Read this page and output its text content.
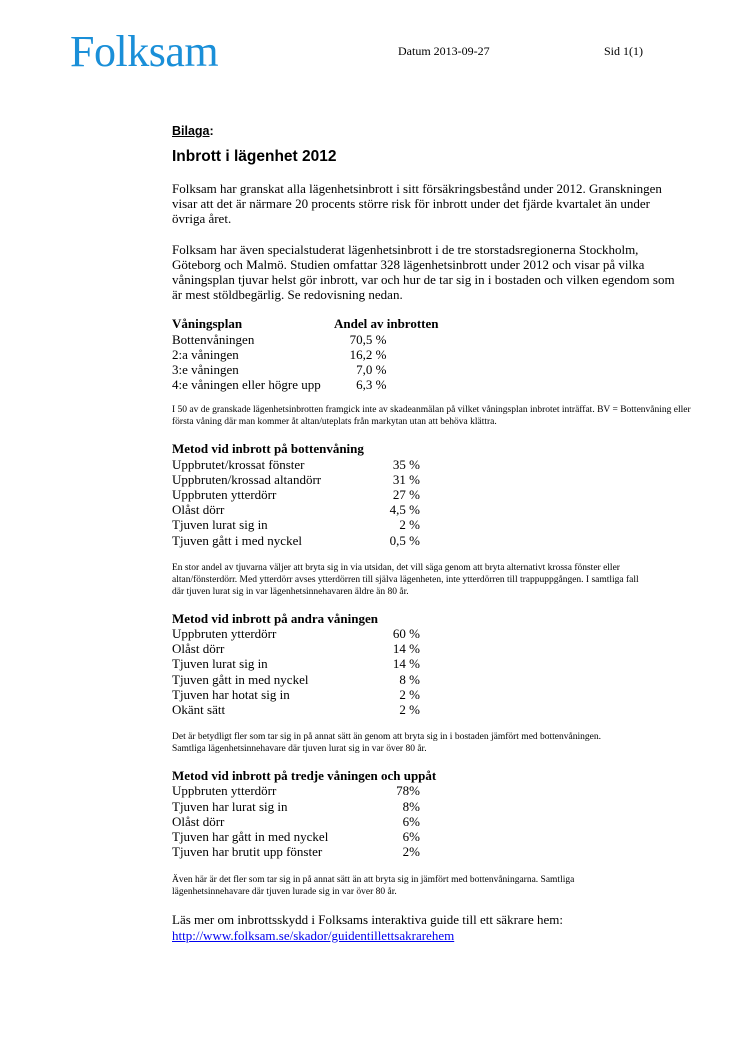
Folksam	Datum 2013-09-27	Sid 1(1)

Bilaga:

Inbrott i lägenhet 2012

Folksam har granskat alla lägenhetsinbrott i sitt försäkringsbestånd under 2012. Granskningen visar att det är närmare 20 procents större risk för inbrott under det fjärde kvartalet än under övriga året.

Folksam har även specialstuderat lägenhetsinbrott i de tre storstadsregionerna Stockholm, Göteborg och Malmö. Studien omfattar 328 lägenhetsinbrott under 2012 och visar på vilka våningsplan tjuvar helst gör inbrott, var och hur de tar sig in i bostaden och vilken egendom som är mest stöldbegärlig. Se redovisning nedan.

Våningsplan	Andel av inbrotten
Bottenvåningen	70,5 %
2:a våningen	16,2 %
3:e våningen	7,0 %
4:e våningen eller högre upp	6,3 %

I 50 av de granskade lägenhetsinbrotten framgick inte av skadeanmälan på vilket våningsplan inbrotet inträffat. BV = Bottenvåning eller första våning där man kommer åt altan/uteplats från markytan utan att behöva klättra.

Metod vid inbrott på bottenvåning

Uppbrutet/krossat fönster	35 %
Uppbruten/krossad altandörr	31 %
Uppbruten ytterdörr	27 %
Olåst dörr	4,5 %
Tjuven lurat sig in	2 %
Tjuven gått i med nyckel	0,5 %

En stor andel av tjuvarna väljer att bryta sig in via utsidan, det vill säga genom att bryta alternativt krossa fönster eller altan/fönsterdörr. Med ytterdörr avses ytterdörren till själva lägenheten, inte ytterdörren till trappuppgången. I samtliga fall där tjuven lurat sig in var lägenhetsinnehavaren äldre än 80 år.

Metod vid inbrott på andra våningen

Uppbruten ytterdörr	60 %
Olåst dörr	14 %
Tjuven lurat sig in	14 %
Tjuven gått in med nyckel	8 %
Tjuven har hotat sig in	2 %
Okänt sätt	2 %

Det är betydligt fler som tar sig in på annat sätt än genom att bryta sig in i bostaden jämfört med bottenvåningen. Samtliga lägenhetsinnehavare där tjuven lurat sig in var över 80 år.

Metod vid inbrott på tredje våningen och uppåt

Uppbruten ytterdörr	78%
Tjuven har lurat sig in	8%
Olåst dörr	6%
Tjuven har gått in med nyckel	6%
Tjuven har brutit upp fönster	2%

Även här är det fler som tar sig in på annat sätt än att bryta sig in jämfört med bottenvåningarna. Samtliga lägenhetsinnehavare där tjuven lurade sig in var över 80 år.

Läs mer om inbrottsskydd i Folksams interaktiva guide till ett säkrare hem:

http://www.folksam.se/skador/guidentillettsakrarehem
